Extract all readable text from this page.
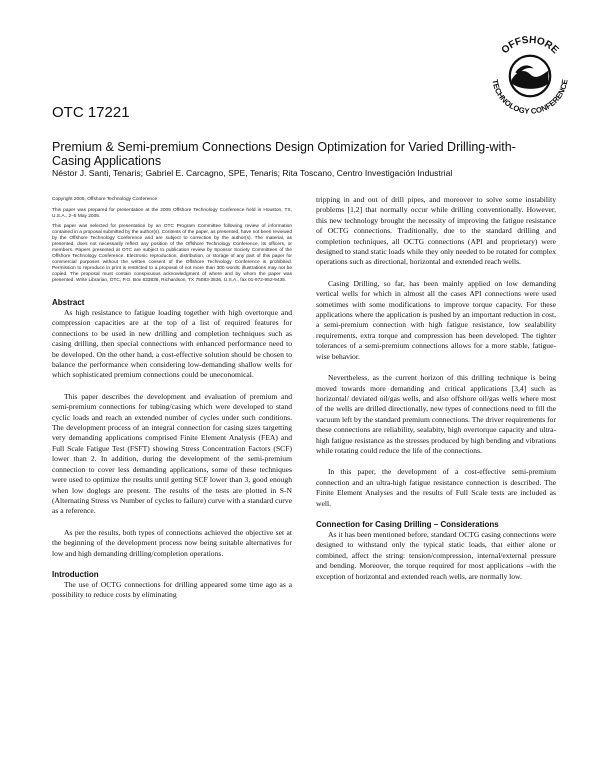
OFFSHORE
TECHNOLOGY CONFERENCE
OTC 17221
Premium & Semi-premium Connections Design Optimization for Varied Drilling-with-Casing Applications
Néstor J. Santi, Tenaris; Gabriel E. Carcagno, SPE, Tenaris; Rita Toscano, Centro Investigación Industrial

Copyright 2005, Offshore Technology Conference

This paper was prepared for presentation at the 2005 Offshore Technology Conference held in Houston, TX, U.S.A., 2–5 May 2005.

This paper was selected for presentation by an OTC Program Committee following review of information contained in a proposal submitted by the author(s). Contents of the paper, as presented, have not been reviewed by the Offshore Technology Conference and are subject to correction by the author(s). The material, as presented, does not necessarily reflect any position of the Offshore Technology Conference, its officers, or members. Papers presented at OTC are subject to publication review by Sponsor Society Committees of the Offshore Technology Conference. Electronic reproduction, distribution, or storage of any part of this paper for commercial purposes without the written consent of the Offshore Technology Conference is prohibited. Permission to reproduce in print is restricted to a proposal of not more than 300 words; illustrations may not be copied. The proposal must contain conspicuous acknowledgment of where and by whom the paper was presented. Write Librarian, OTC, P.O. Box 833836, Richardson, TX 75083-3836, U.S.A., fax 01-972-952-9435.

Abstract

As high resistance to fatigue loading together with high overtorque and compression capacities are at the top of a list of required features for connections to be used in new drilling and completion techniques such as casing drilling, then special connections with enhanced performance need to be developed. On the other hand, a cost-effective solution should be chosen to balance the performance when considering low-demanding shallow wells for which sophisticated premium connections could be uneconomical.

This paper describes the development and evaluation of premium and semi-premium connections for tubing/casing which were developed to stand cyclic loads and reach an extended number of cycles under such conditions. The development process of an integral connection for casing sizes targetting very demanding applications comprised Finite Element Analysis (FEA) and Full Scale Fatigue Test (FSFT) showing Stress Concentration Factors (SCF) lower than 2. In addition, during the development of the semi-premium connection to cover less demanding applications, some of these techniques were used to optimize the results until getting SCF lower than 3, good enough when low doglegs are present. The results of the tests are plotted in S-N (Alternating Stress vs Number of cycles to failure) curve with a standard curve as a reference.

As per the results, both types of connections achieved the objective set at the beginning of the development process now being suitable alternatives for low and high demanding drilling/completion operations.

Introduction

The use of OCTG connections for drilling appeared some time ago as a possibility to reduce costs by eliminating

tripping in and out of drill pipes, and moreover to solve some instability problems [1,2] that normally occur while drilling conventionally. However, this new technology brought the necessity of improving the fatigue resistance of OCTG connections. Traditionally, due to the standard drilling and completion techniques, all OCTG connections (API and proprietary) were designed to stand static loads while they only needed to be rotated for complex operations such as directional, horizontal and extended reach wells.

Casing Drilling, so far, has been mainly applied on low demanding vertical wells for which in almost all the cases API connections were used sometimes with some modifications to improve torque capacity. For these applications where the application is pushed by an important reduction in cost, a semi-premium connection with high fatigue resistance, low sealability requirements, extra torque and compression has been developed. The tighter tolerances of a semi-premium connections allows for a more stable, fatigue-wise behavior.

Nevertheless, as the current horizon of this drilling technique is being moved towards more demanding and critical applications [3,4] such as horizontal/ deviated oil/gas wells, and also offshore oil/gas wells where most of the wells are drilled directionally, new types of connections need to fill the vacuum left by the standard premium connections. The driver requirements for these connections are reliability, sealabity, high overtorque capacity and ultra-high fatigue resistance as the stresses produced by high bending and vibrations while rotating could reduce the life of the connections.

In this paper, the development of a cost-effective semi-premium connection and an ultra-high fatigue resistance connection is described. The Finite Element Analyses and the results of Full Scale tests are included as well.

Connection for Casing Drilling – Considerations

As it has been mentioned before, standard OCTG casing connections were designed to withstand only the typical static loads, that either alone or combined, affect the string: tension/compression, internal/external pressure and bending. Moreover, the torque required for most applications –with the exception of horizontal and extended reach wells, are normally low.
